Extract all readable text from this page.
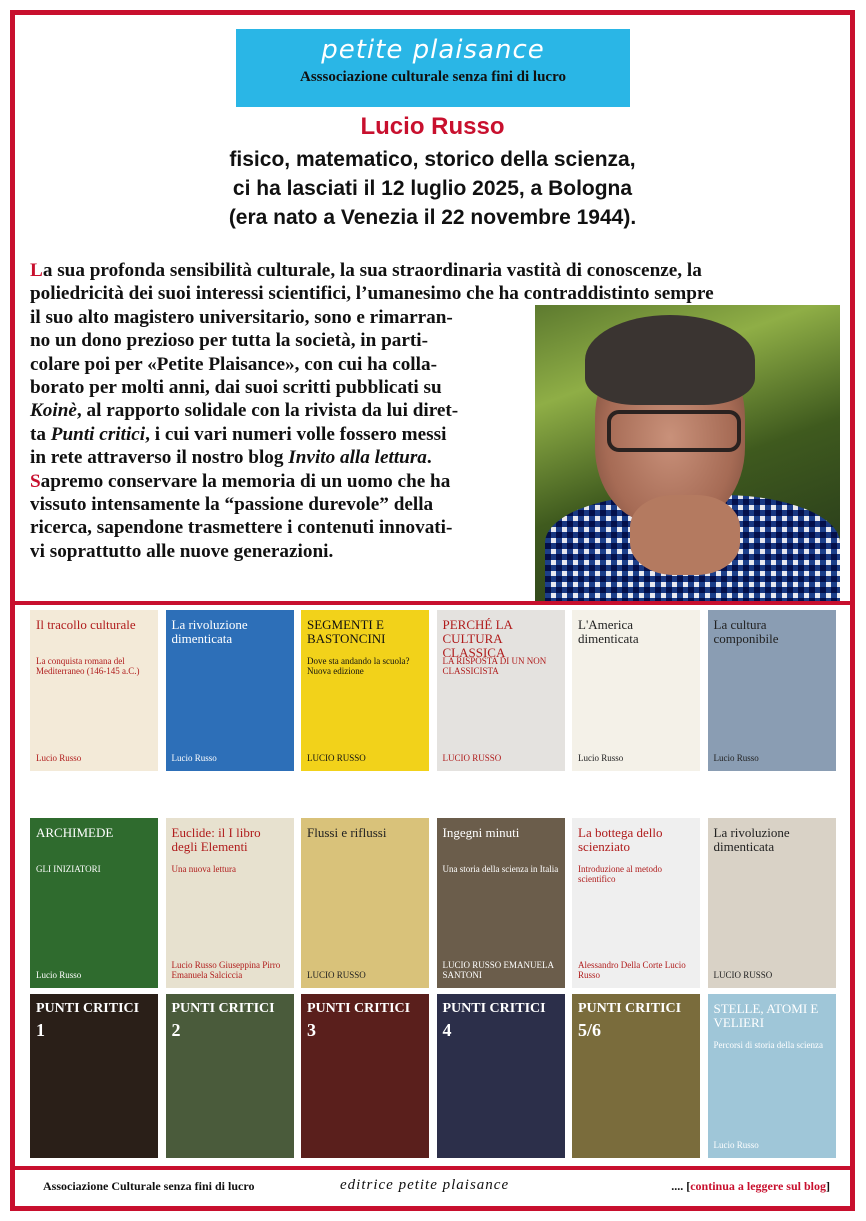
petite plaisance
Asssociazione culturale senza fini di lucro
Lucio Russo
fisico, matematico, storico della scienza,
ci ha lasciati il 12 luglio 2025, a Bologna
(era nato a Venezia il 22 novembre 1944).
La sua profonda sensibilità culturale, la sua straordinaria vastità di conoscenze, la
poliedricità dei suoi interessi scientifici, l’umanesimo che ha contraddistinto sempre
il suo alto magistero universitario, sono e rimarran-
no un dono prezioso per tutta la società, in parti-
colare poi per «Petite Plaisance», con cui ha colla-
borato per molti anni, dai suoi scritti pubblicati su
Koinè, al rapporto solidale con la rivista da lui diret-
ta Punti critici, i cui vari numeri volle fossero messi
in rete attraverso il nostro blog Invito alla lettura.
Sapremo conservare la memoria di un uomo che ha
vissuto intensamente la “passione durevole” della
ricerca, sapendone trasmettere i contenuti innovati-
vi soprattutto alle nuove generazioni.
Il tracollo culturale
La conquista romana del Mediterraneo (146-145 a.C.)
Lucio Russo
La rivoluzione dimenticata
Lucio Russo
SEGMENTI E BASTONCINI
Dove sta andando la scuola? Nuova edizione
LUCIO RUSSO
PERCHÉ LA CULTURA CLASSICA
LA RISPOSTA DI UN NON CLASSICISTA
LUCIO RUSSO
L'America dimenticata
Lucio Russo
La cultura componibile
Lucio Russo
ARCHIMEDE
GLI INIZIATORI
Lucio Russo
Euclide: il I libro degli Elementi
Una nuova lettura
Lucio Russo Giuseppina Pirro Emanuela Salciccia
Flussi e riflussi
LUCIO RUSSO
Ingegni minuti
Una storia della scienza in Italia
LUCIO RUSSO EMANUELA SANTONI
La bottega dello scienziato
Introduzione al metodo scientifico
Alessandro Della Corte Lucio Russo
La rivoluzione dimenticata
LUCIO RUSSO
PUNTI CRITICI
1
PUNTI CRITICI
2
PUNTI CRITICI
3
PUNTI CRITICI
4
PUNTI CRITICI
5/6
STELLE, ATOMI E VELIERI
Percorsi di storia della scienza
Lucio Russo
Associazione Culturale senza fini di lucro	editrice petite plaisance	.... [continua a leggere sul blog]
